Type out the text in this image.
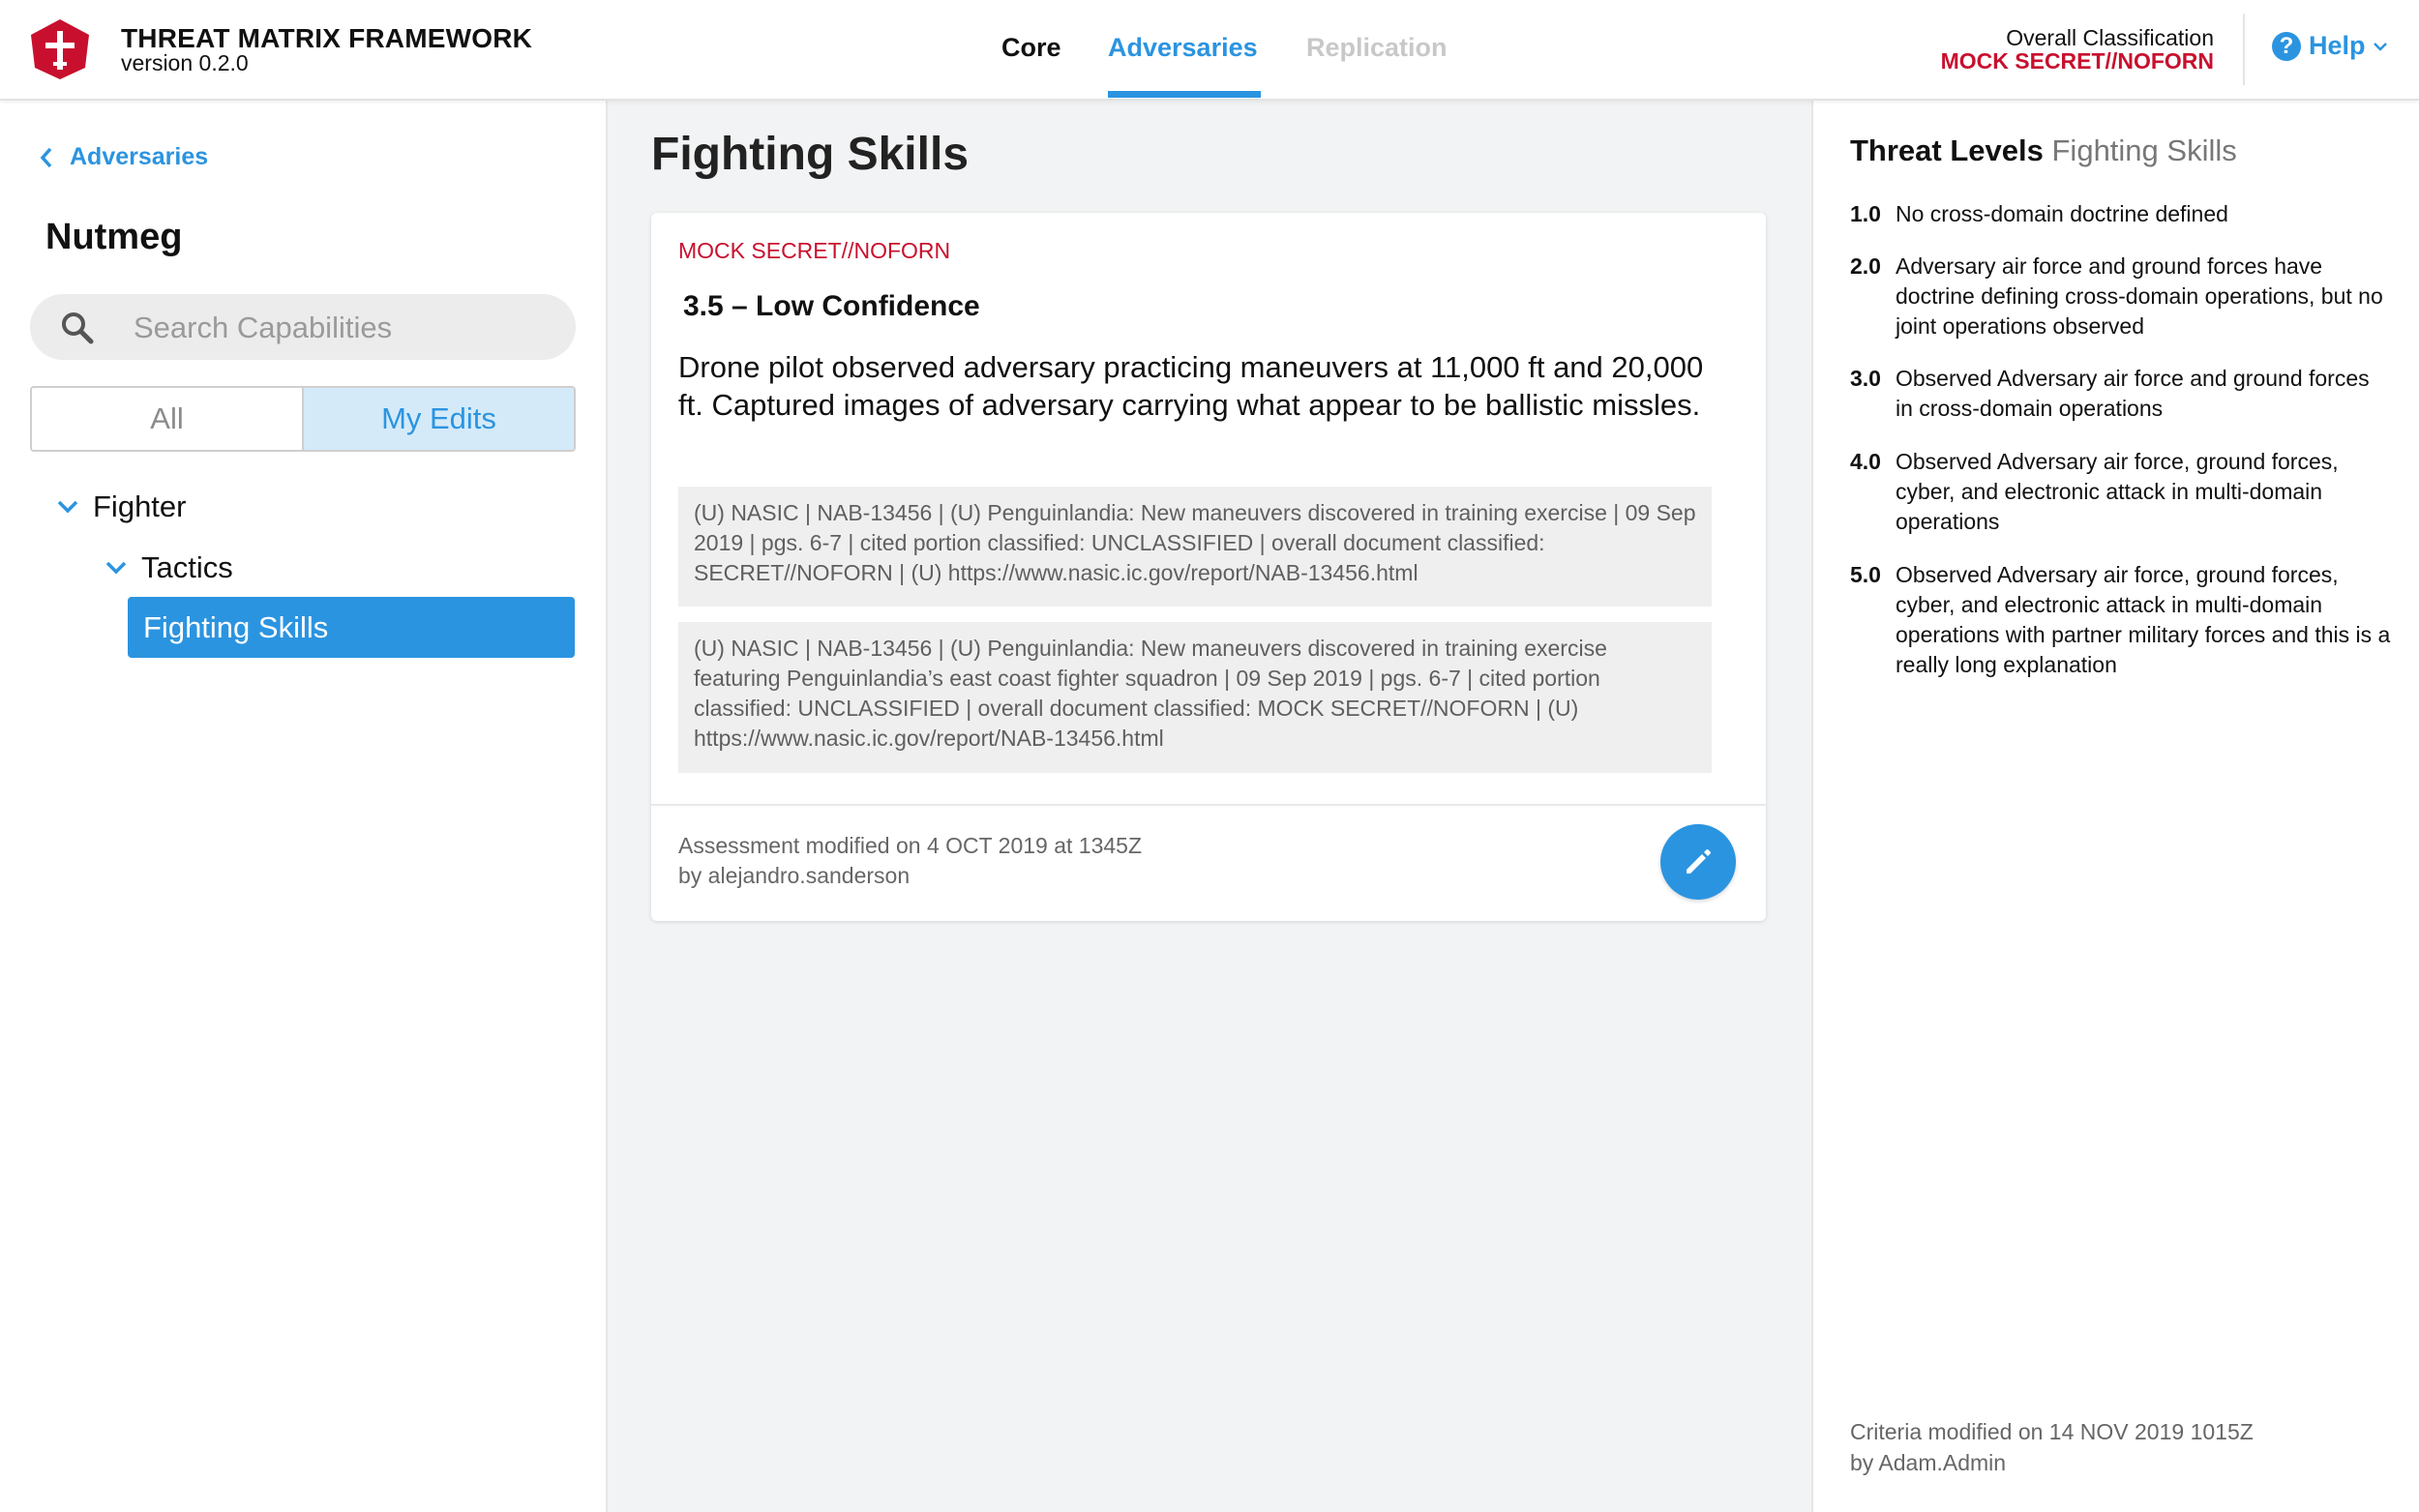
THREAT MATRIX FRAMEWORK
version 0.2.0
Core Adversaries Replication	Overall Classification
MOCK SECRET//NOFORN
? Help
Adversaries
Nutmeg
Search Capabilities
All	My Edits
Fighter
Tactics
Fighting Skills
Fighting Skills
MOCK SECRET//NOFORN
3.5 – Low Confidence
Drone pilot observed adversary practicing maneuvers at 11,000 ft and 20,000 ft. Captured images of adversary carrying what appear to be ballistic missles.
(U) NASIC | NAB-13456 | (U) Penguinlandia: New maneuvers discovered in training exercise | 09 Sep 2019 | pgs. 6-7 | cited portion classified: UNCLASSIFIED | overall document classified: SECRET//NOFORN | (U) https://www.nasic.ic.gov/report/NAB-13456.html
(U) NASIC | NAB-13456 | (U) Penguinlandia: New maneuvers discovered in training exercise featuring Penguinlandia’s east coast fighter squadron | 09 Sep 2019 | pgs. 6-7 | cited portion classified: UNCLASSIFIED | overall document classified: MOCK SECRET//NOFORN | (U) https://www.nasic.ic.gov/report/NAB-13456.html
Assessment modified on 4 OCT 2019 at 1345Z
by alejandro.sanderson
Threat Levels Fighting Skills
1.0 No cross-domain doctrine defined
2.0 Adversary air force and ground forces have doctrine defining cross-domain operations, but no joint operations observed
3.0 Observed Adversary air force and ground forces in cross-domain operations
4.0 Observed Adversary air force, ground forces, cyber, and electronic attack in multi-domain operations
5.0 Observed Adversary air force, ground forces, cyber, and electronic attack in multi-domain operations with partner military forces and this is a really long explanation
Criteria modified on 14 NOV 2019 1015Z
by Adam.Admin
